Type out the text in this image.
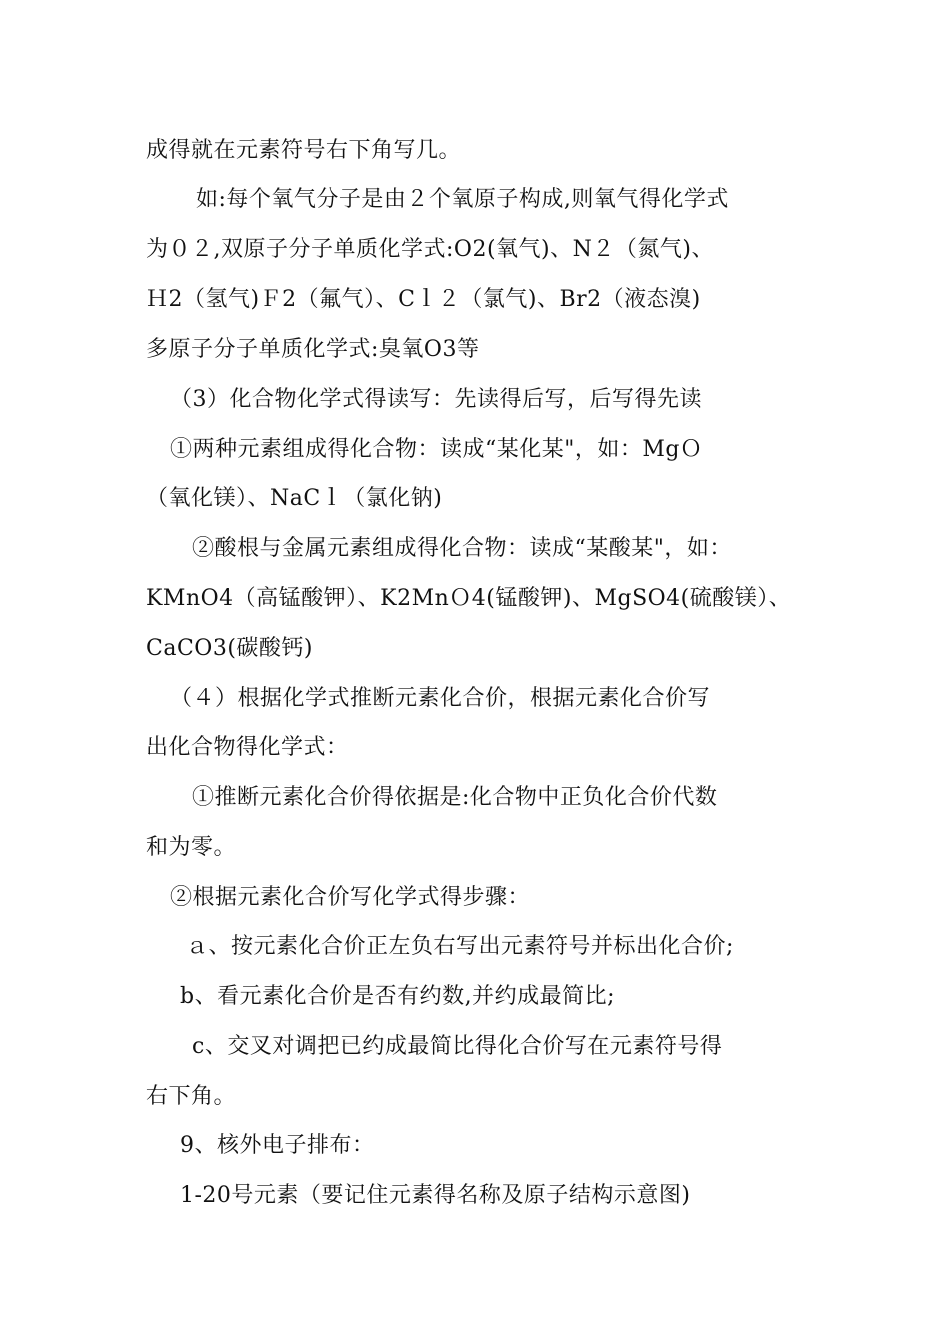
成得就在元素符号右下角写几。
如:每个氧气分子是由２个氧原子构成,则氧气得化学式
为０２,双原子分子单质化学式:O2(氧气)、N２（氮气)、
Ｈ2（氢气)Ｆ2（氟气）、Cｌ２（氯气)、Br2（液态溴)
多原子分子单质化学式:臭氧O3等
（3）化合物化学式得读写：先读得后写，后写得先读
①两种元素组成得化合物：读成“某化某"，如：MgＯ
（氧化镁）、NaCｌ（氯化钠)
②酸根与金属元素组成得化合物：读成“某酸某"，如：
KMnO4（高锰酸钾）、K2MnＯ4(锰酸钾)、MgSO4(硫酸镁）、
CaCO3(碳酸钙)
（４）根据化学式推断元素化合价，根据元素化合价写
出化合物得化学式：
①推断元素化合价得依据是:化合物中正负化合价代数
和为零。
②根据元素化合价写化学式得步骤：
ａ、按元素化合价正左负右写出元素符号并标出化合价;
b、看元素化合价是否有约数,并约成最简比;
c、交叉对调把已约成最简比得化合价写在元素符号得
右下角。
9、核外电子排布：
1-20号元素（要记住元素得名称及原子结构示意图)
